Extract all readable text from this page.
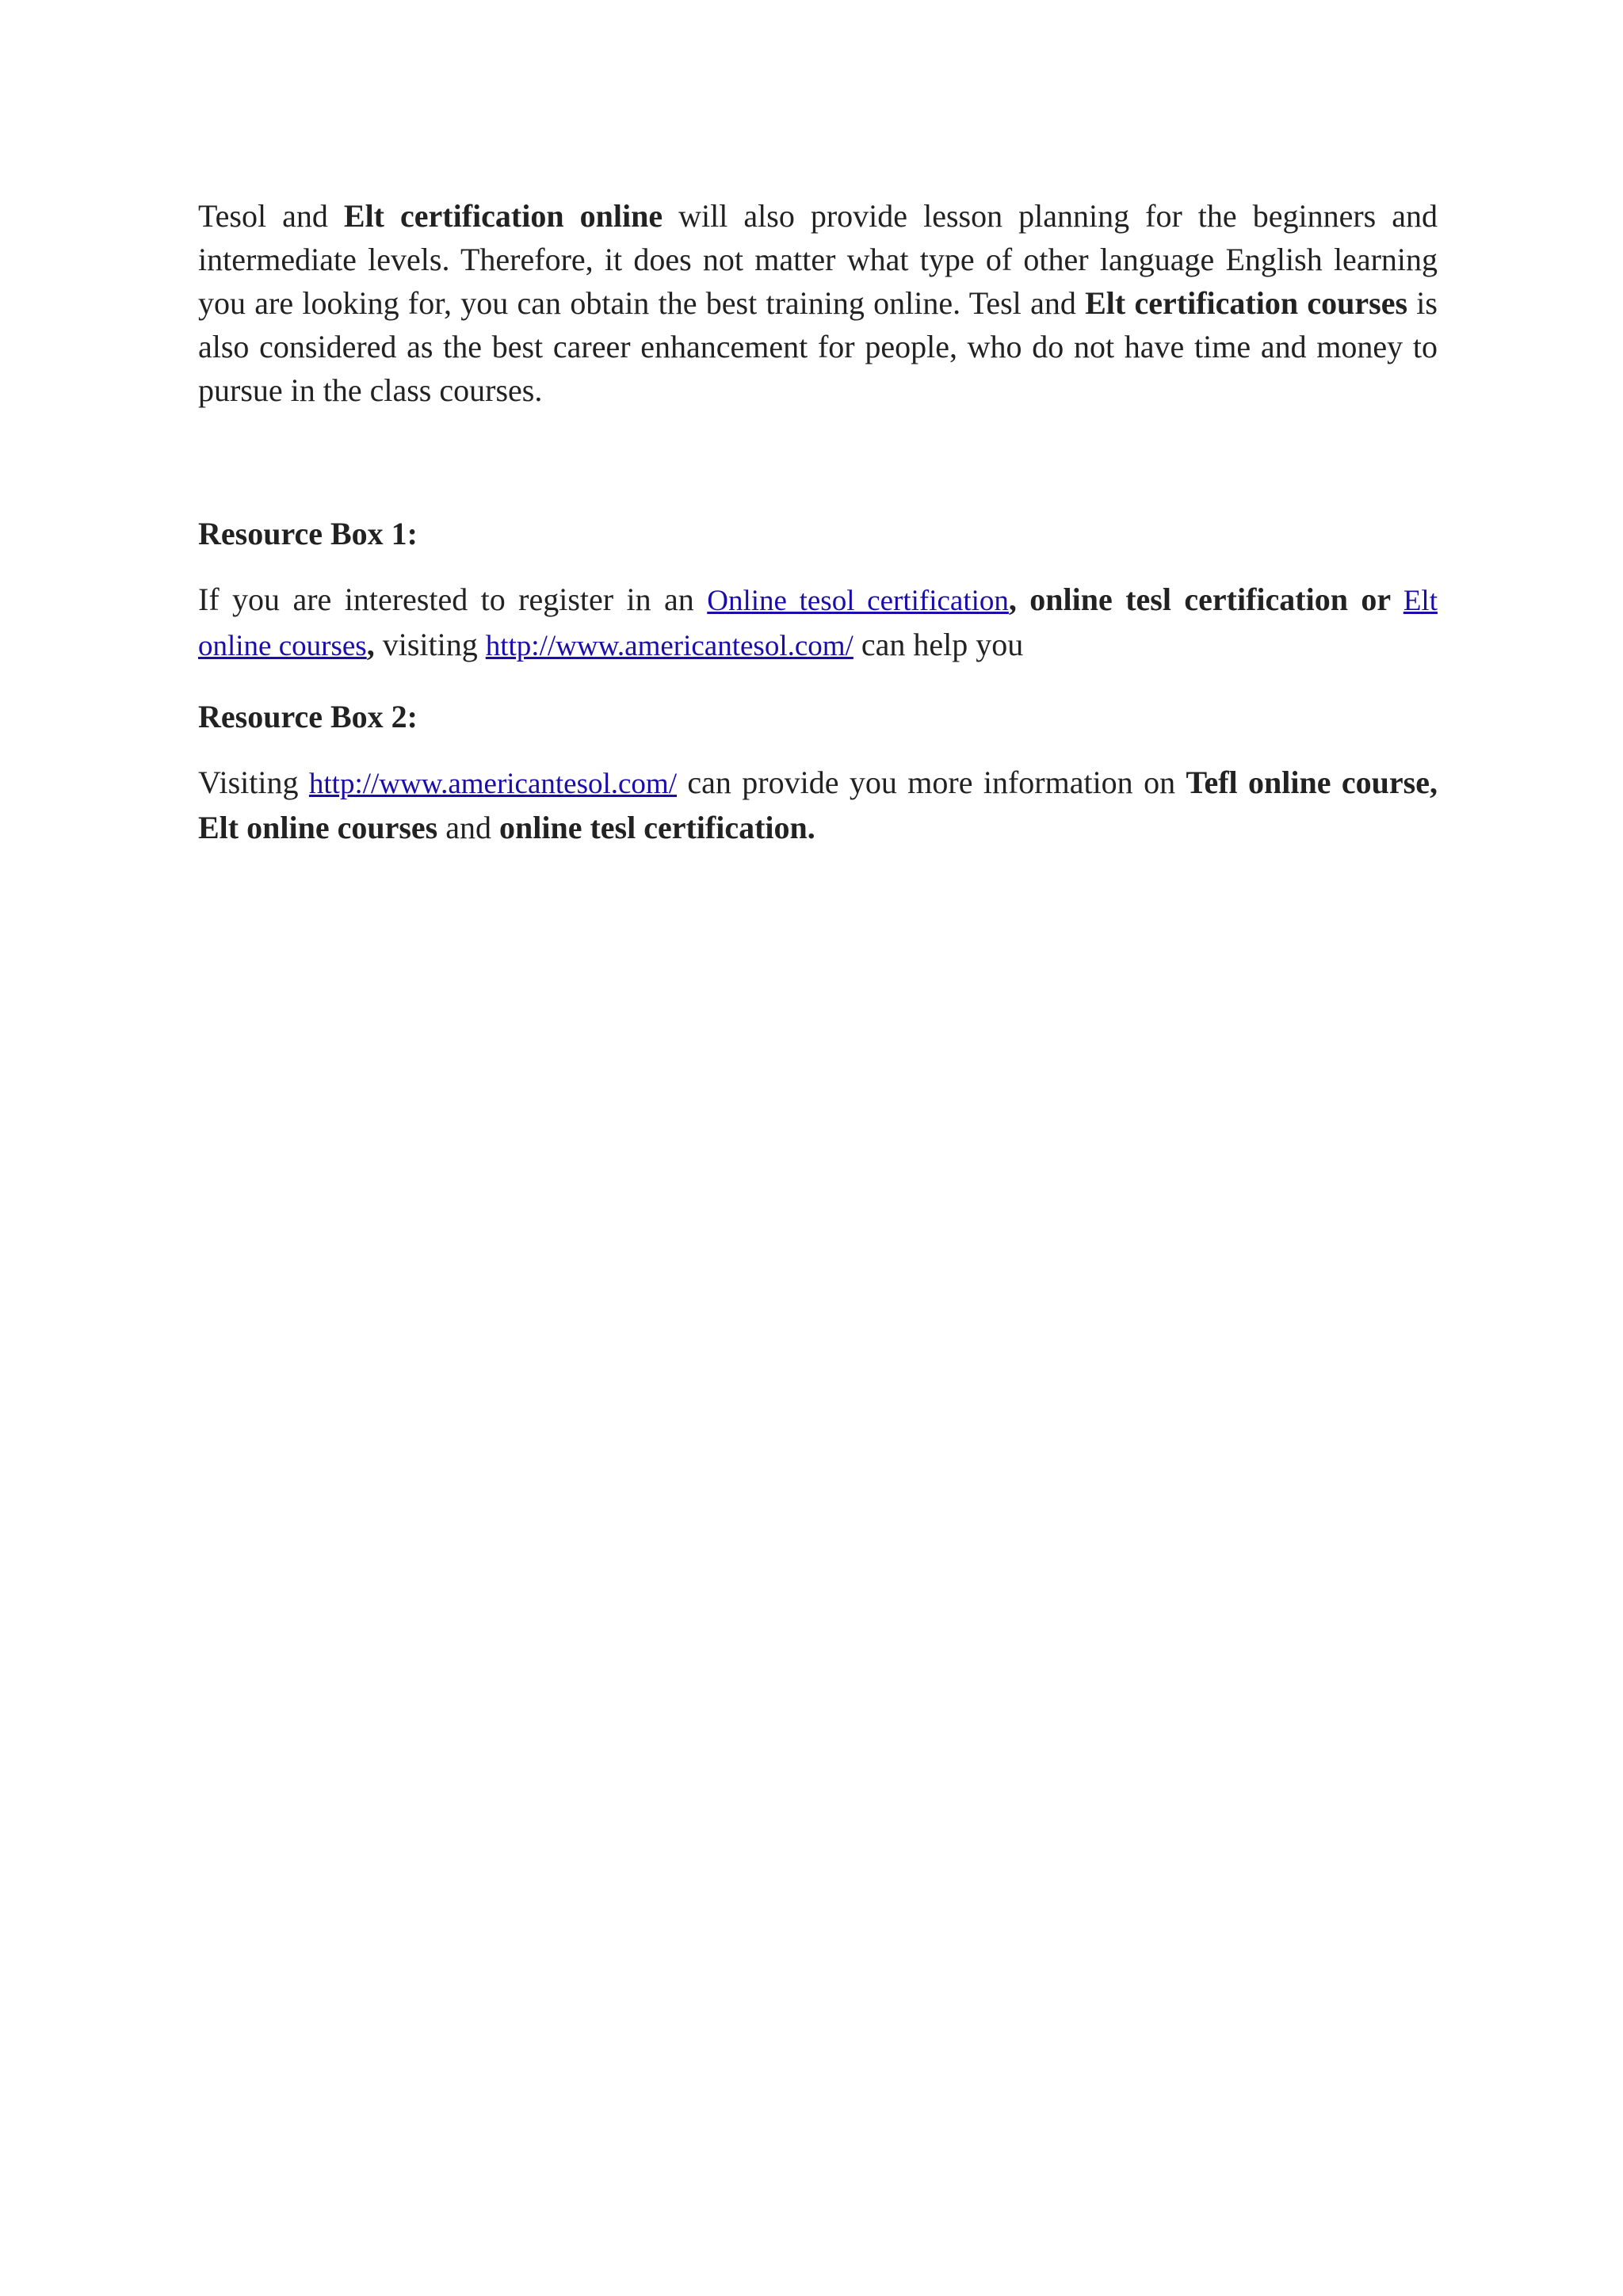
Tesol and Elt certification online will also provide lesson planning for the beginners and intermediate levels. Therefore, it does not matter what type of other language English learning you are looking for, you can obtain the best training online. Tesl and Elt certification courses is also considered as the best career enhancement for people, who do not have time and money to pursue in the class courses.

Resource Box 1:

If you are interested to register in an Online tesol certification, online tesl certification or Elt online courses, visiting http://www.americantesol.com/ can help you

Resource Box 2:

Visiting http://www.americantesol.com/ can provide you more information on Tefl online course, Elt online courses and online tesl certification.
